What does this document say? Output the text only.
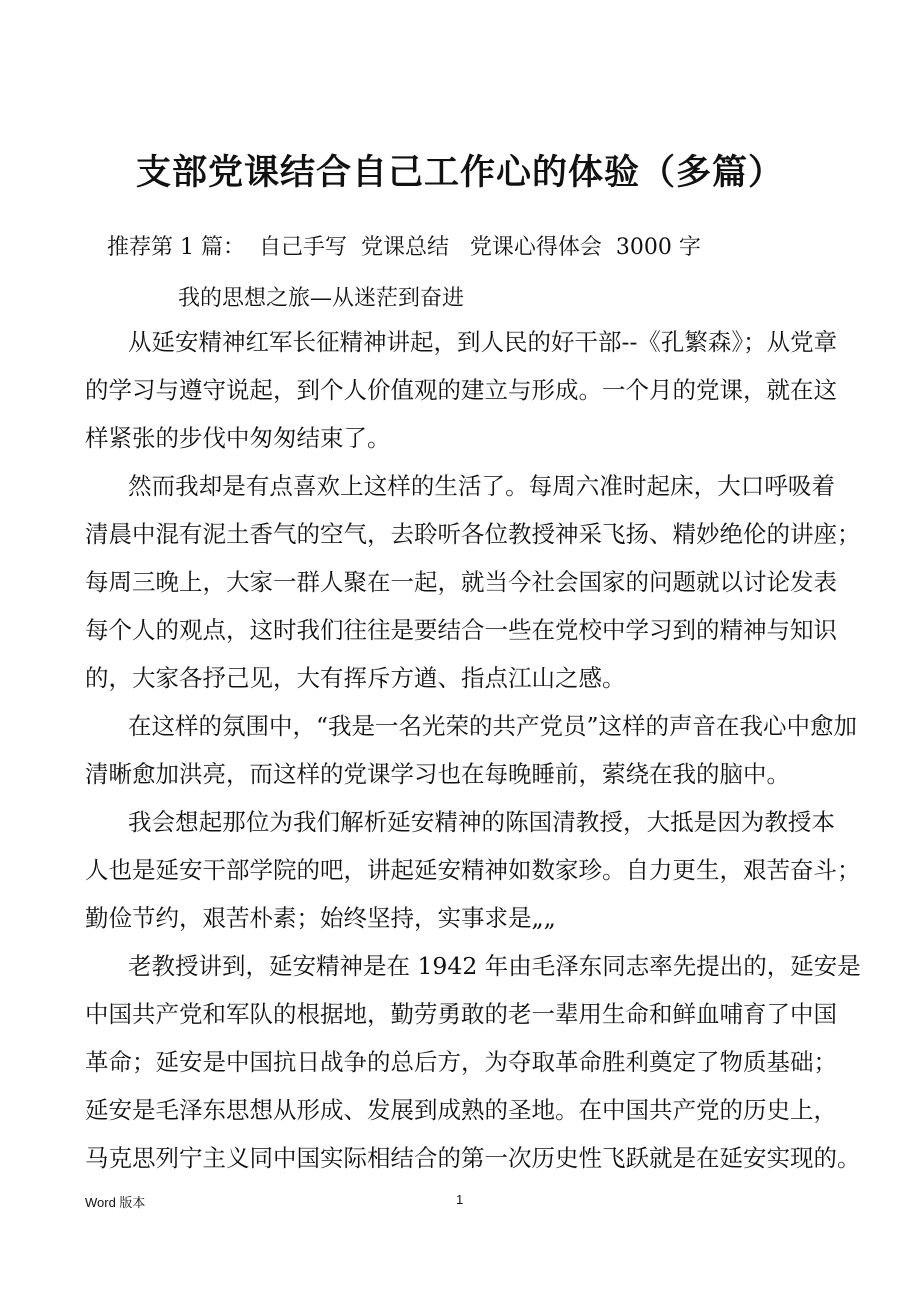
支部党课结合自己工作心的体验（多篇）
推荐第 1 篇：  自己手写  党课总结   党课心得体会  3000 字
我的思想之旅—从迷茫到奋进
从延安精神红军长征精神讲起，到人民的好干部--《孔繁森》；从党章
的学习与遵守说起，到个人价值观的建立与形成。一个月的党课，就在这
样紧张的步伐中匆匆结束了。
然而我却是有点喜欢上这样的生活了。每周六准时起床，大口呼吸着
清晨中混有泥土香气的空气，去聆听各位教授神采飞扬、精妙绝伦的讲座；
每周三晚上，大家一群人聚在一起，就当今社会国家的问题就以讨论发表
每个人的观点，这时我们往往是要结合一些在党校中学习到的精神与知识
的，大家各抒己见，大有挥斥方遒、指点江山之感。
在这样的氛围中，“我是一名光荣的共产党员”这样的声音在我心中愈加
清晰愈加洪亮，而这样的党课学习也在每晚睡前，萦绕在我的脑中。
我会想起那位为我们解析延安精神的陈国清教授，大抵是因为教授本
人也是延安干部学院的吧，讲起延安精神如数家珍。自力更生，艰苦奋斗；
勤俭节约，艰苦朴素；始终坚持，实事求是„„
老教授讲到，延安精神是在 1942 年由毛泽东同志率先提出的，延安是
中国共产党和军队的根据地，勤劳勇敢的老一辈用生命和鲜血哺育了中国
革命；延安是中国抗日战争的总后方，为夺取革命胜利奠定了物质基础；
延安是毛泽东思想从形成、发展到成熟的圣地。在中国共产党的历史上，
马克思列宁主义同中国实际相结合的第一次历史性飞跃就是在延安实现的。
Word 版本	1
